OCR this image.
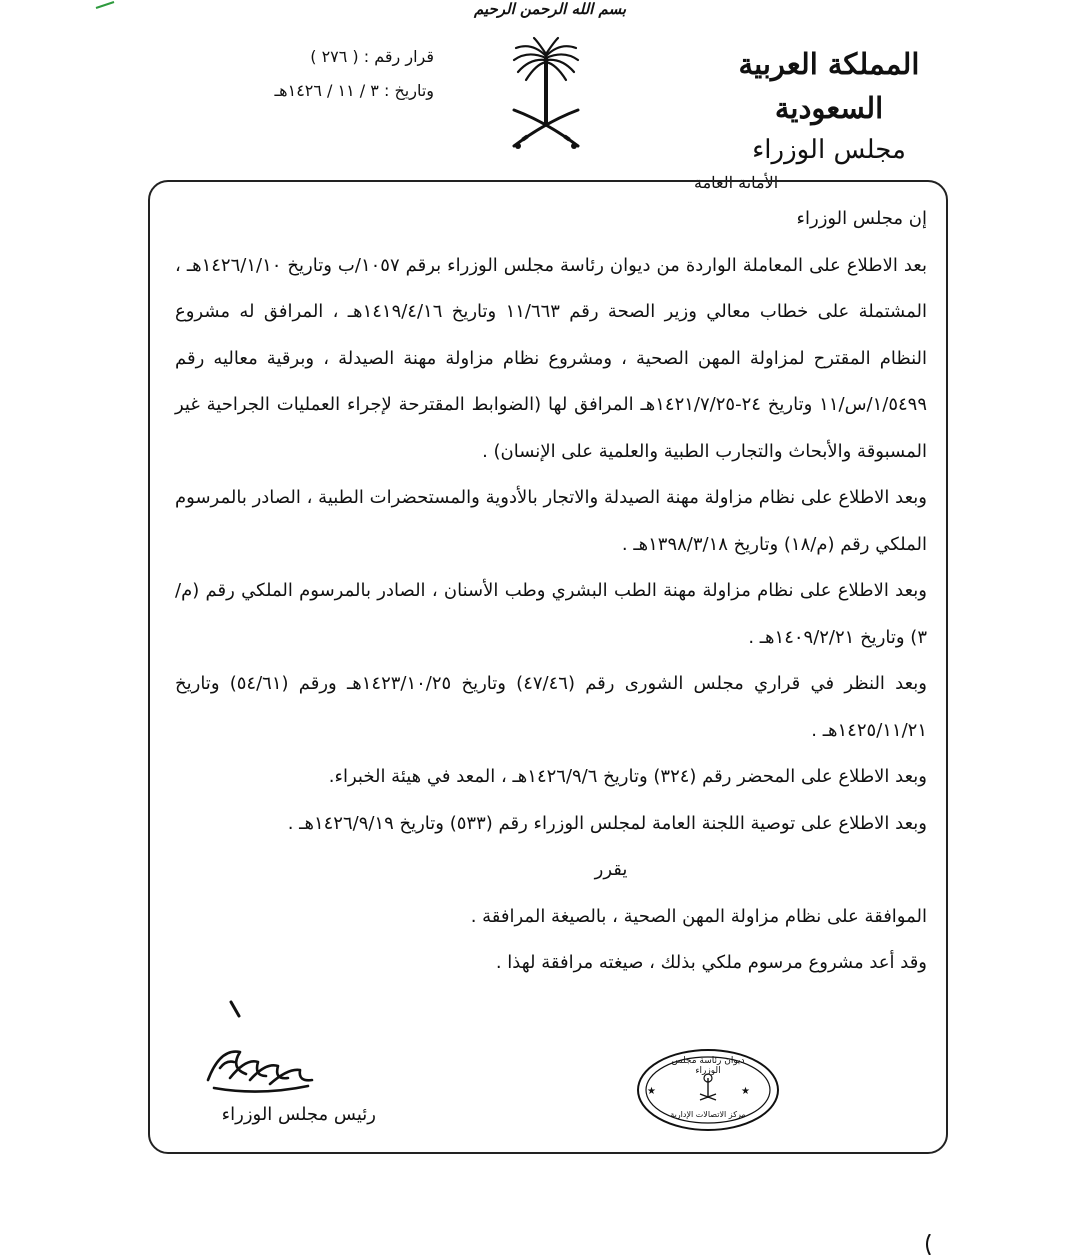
بسم الله الرحمن الرحيم
المملكة العربية السعودية
مجلس الوزراء
الأمانة العامة
قرار رقم : ( ٢٧٦ )
وتاريخ : ٣ / ١١ / ١٤٢٦هـ

إن مجلس الوزراء

بعد الاطلاع على المعاملة الواردة من ديوان رئاسة مجلس الوزراء برقم ١٠٥٧/ب وتاريخ ١٤٢٦/١/١٠هـ ، المشتملة على خطاب معالي وزير الصحة رقم ١١/٦٦٣ وتاريخ ١٤١٩/٤/١٦هـ ، المرافق له مشروع النظام المقترح لمزاولة المهن الصحية ، ومشروع نظام مزاولة مهنة الصيدلة ، وبرقية معاليه رقم ١/٥٤٩٩/س/١١ وتاريخ ٢٤-١٤٢١/٧/٢٥هـ المرافق لها (الضوابط المقترحة لإجراء العمليات الجراحية غير المسبوقة والأبحاث والتجارب الطبية والعلمية على الإنسان) .

وبعد الاطلاع على نظام مزاولة مهنة الصيدلة والاتجار بالأدوية والمستحضرات الطبية ، الصادر بالمرسوم الملكي رقم (م/١٨) وتاريخ ١٣٩٨/٣/١٨هـ .

وبعد الاطلاع على نظام مزاولة مهنة الطب البشري وطب الأسنان ، الصادر بالمرسوم الملكي رقم (م/٣) وتاريخ ١٤٠٩/٢/٢١هـ .

وبعد النظر في قراري مجلس الشورى رقم (٤٧/٤٦) وتاريخ ١٤٢٣/١٠/٢٥هـ ورقم (٥٤/٦١) وتاريخ ١٤٢٥/١١/٢١هـ .

وبعد الاطلاع على المحضر رقم (٣٢٤) وتاريخ ١٤٢٦/٩/٦هـ ، المعد في هيئة الخبراء.

وبعد الاطلاع على توصية اللجنة العامة لمجلس الوزراء رقم (٥٣٣) وتاريخ ١٤٢٦/٩/١٩هـ .

يقرر

الموافقة على نظام مزاولة المهن الصحية ، بالصيغة المرافقة .

وقد أعد مشروع مرسوم ملكي بذلك ، صيغته مرافقة لهذا .

رئيس مجلس الوزراء
★	★
ديوان رئاسة مجلس الوزراء
مركز الاتصالات الإدارية
